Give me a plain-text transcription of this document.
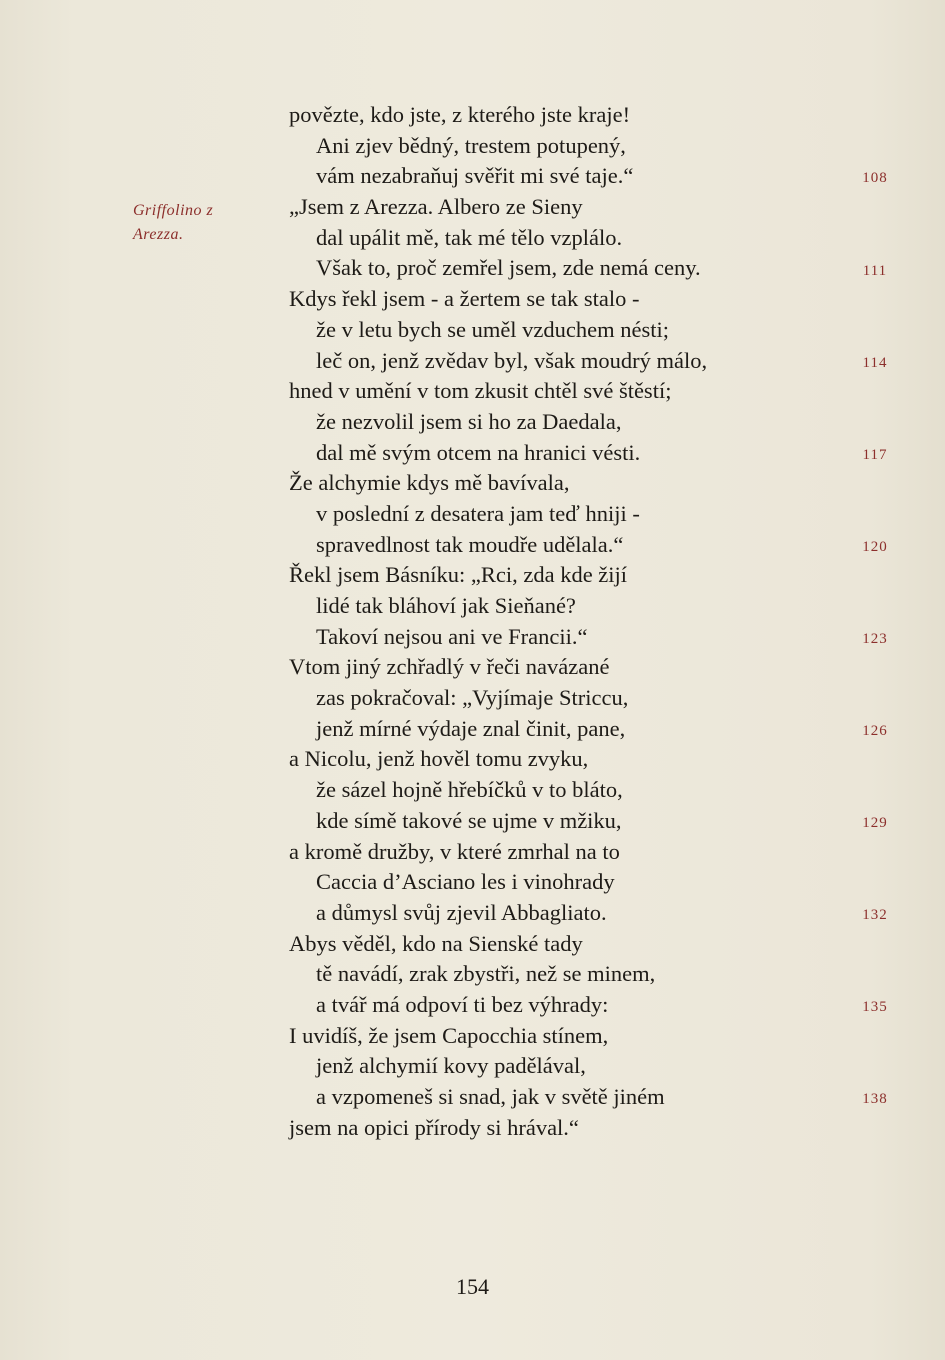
Griffolino z Arezza.
povězte, kdo jste, z kterého jste kraje!
Ani zjev bědný, trestem potupený,
vám nezabraňuj svěřit mi své taje.“
„Jsem z Arezza. Albero ze Sieny
dal upálit mě, tak mé tělo vzplálo.
Však to, proč zemřel jsem, zde nemá ceny.
Kdys řekl jsem - a žertem se tak stalo -
že v letu bych se uměl vzduchem nésti;
leč on, jenž zvědav byl, však moudrý málo,
hned v umění v tom zkusit chtěl své štěstí;
že nezvolil jsem si ho za Daedala,
dal mě svým otcem na hranici vésti.
Že alchymie kdys mě bavívala,
v poslední z desatera jam teď hniji -
spravedlnost tak moudře udělala.“
Řekl jsem Básníku: „Rci, zda kde žijí
lidé tak bláhoví jak Sieňané?
Takoví nejsou ani ve Francii.“
Vtom jiný zchřadlý v řeči navázané
zas pokračoval: „Vyjímaje Striccu,
jenž mírné výdaje znal činit, pane,
a Nicolu, jenž hověl tomu zvyku,
že sázel hojně hřebíčků v to bláto,
kde símě takové se ujme v mžiku,
a kromě družby, v které zmrhal na to
Caccia d’Asciano les i vinohrady
a důmysl svůj zjevil Abbagliato.
Abys věděl, kdo na Sienské tady
tě navádí, zrak zbystři, než se minem,
a tvář má odpoví ti bez výhrady:
I uvidíš, že jsem Capocchia stínem,
jenž alchymií kovy padělával,
a vzpomeneš si snad, jak v světě jiném
jsem na opici přírody si hrával.“
108
111
114
117
120
123
126
129
132
135
138
154
